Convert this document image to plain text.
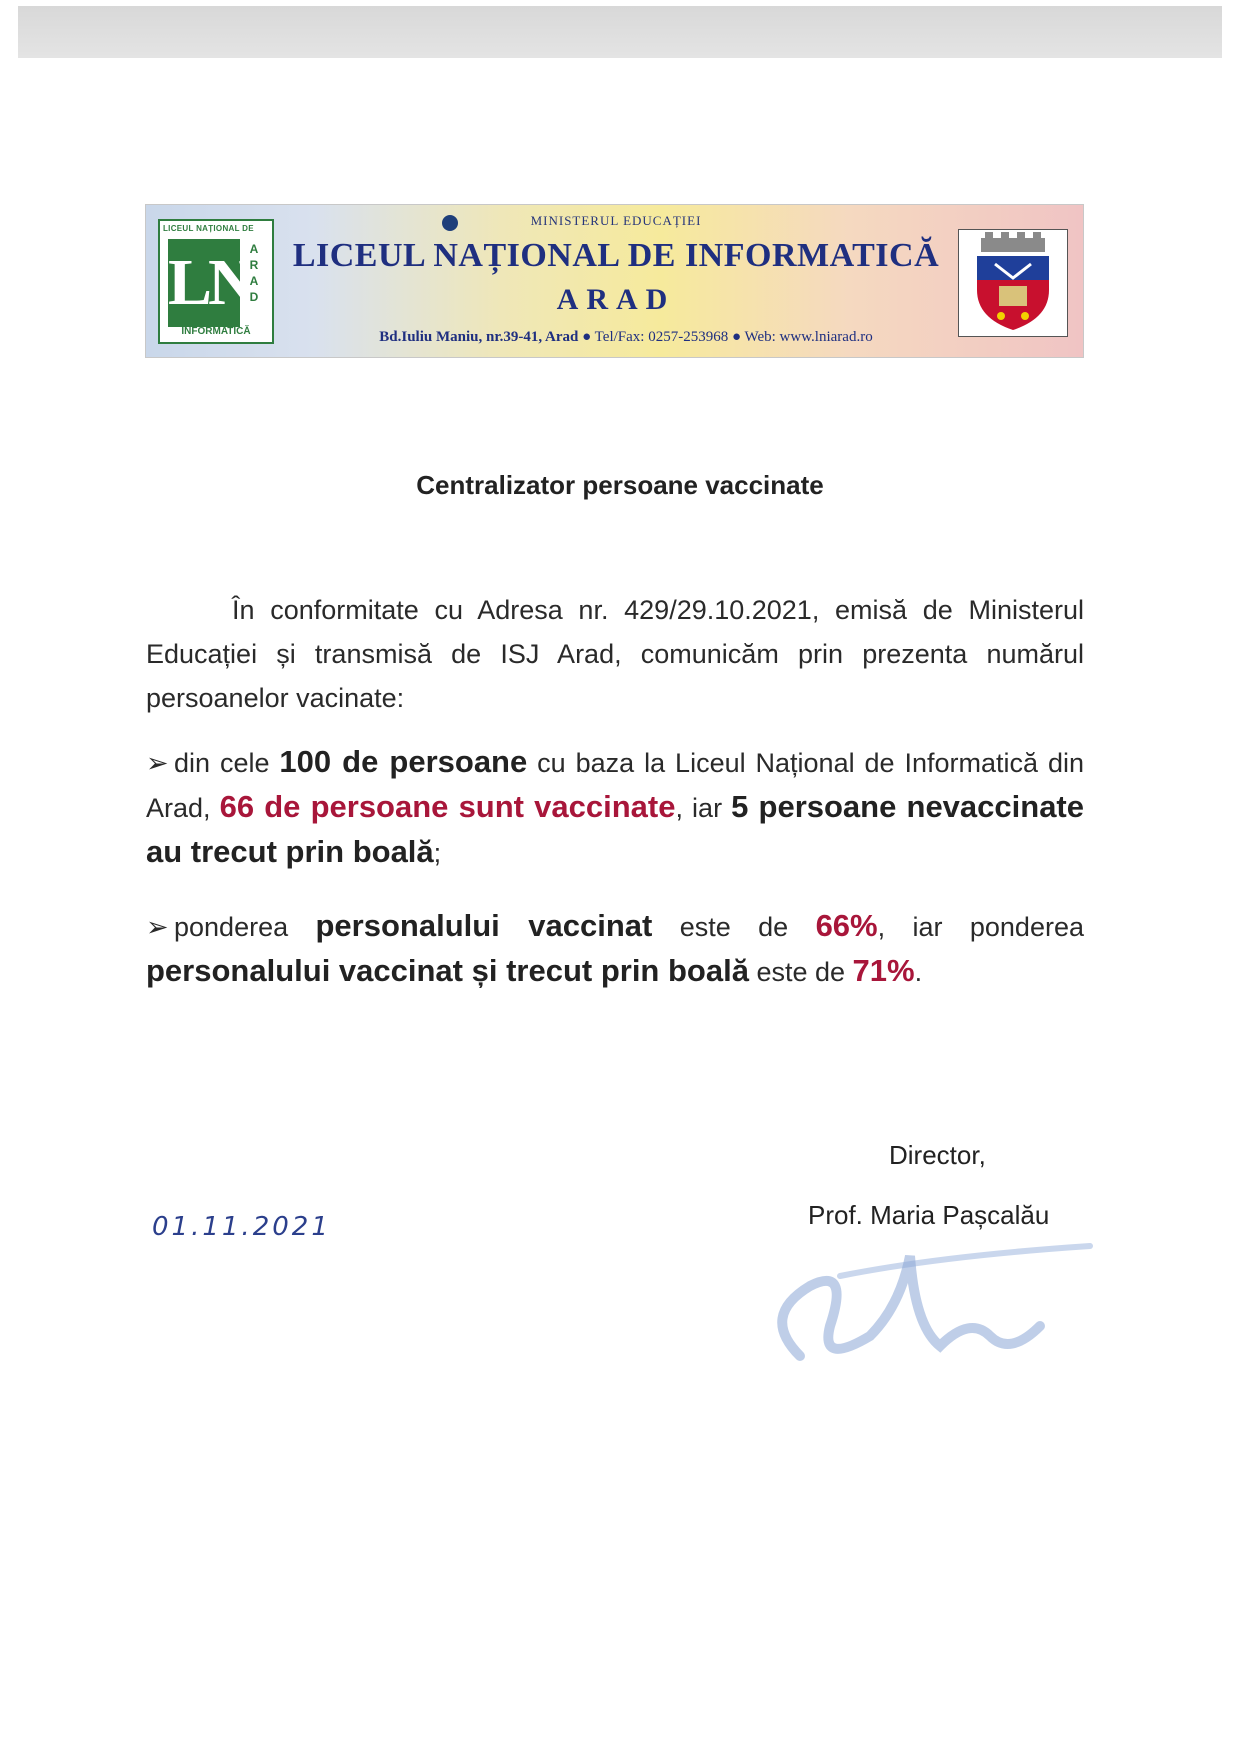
LICEUL NAȚIONAL DE
LN
A
R
A
D
INFORMATICĂ
MINISTERUL EDUCAȚIEI
LICEUL NAȚIONAL DE INFORMATICĂ
ARAD
Bd.Iuliu Maniu, nr.39-41, Arad ● Tel/Fax: 0257-253968 ● Web: www.lniarad.ro
Centralizator persoane vaccinate
În conformitate cu Adresa nr. 429/29.10.2021, emisă de Ministerul Educației și transmisă de ISJ Arad, comunicăm prin prezenta numărul persoanelor vacinate:
➢ din cele 100 de persoane cu baza la Liceul Național de Informatică din Arad, 66 de persoane sunt vaccinate, iar 5 persoane nevaccinate au trecut prin boală;
➢ ponderea personalului vaccinat este de 66%, iar ponderea personalului vaccinat și trecut prin boală este de 71%.
Director,
Prof. Maria Pașcalău
01.11.2021
